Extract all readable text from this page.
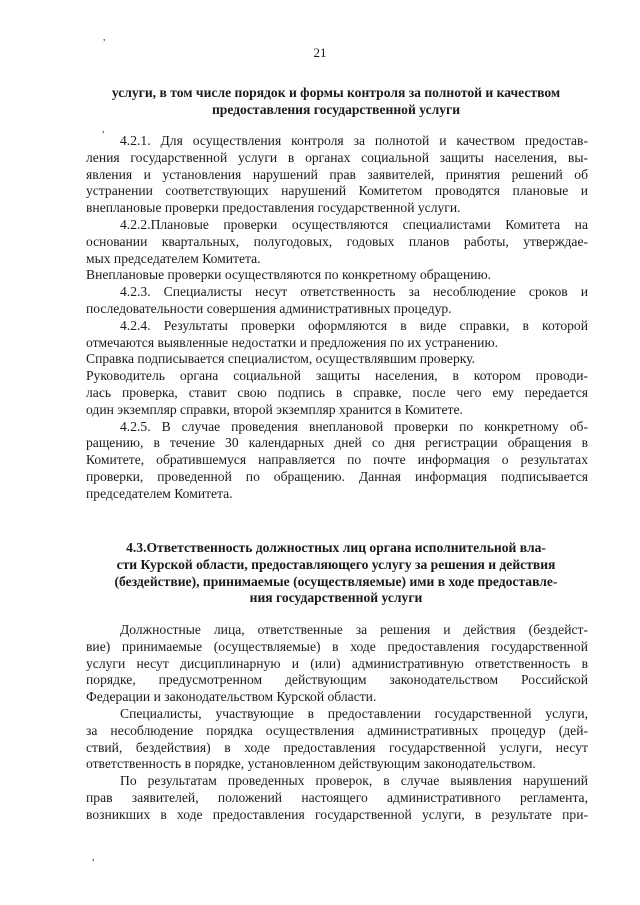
,
,
,
21
услуги, в том числе порядок и формы контроля за полнотой и качеством
предоставления государственной услуги
4.2.1. Для осуществления контроля за полнотой и качеством предостав-
ления государственной услуги в органах социальной защиты населения, вы-
явления и установления нарушений прав заявителей, принятия решений об
устранении соответствующих нарушений Комитетом проводятся плановые и
внеплановые проверки предоставления государственной услуги.
4.2.2.Плановые проверки осуществляются специалистами Комитета на
основании квартальных, полугодовых, годовых планов работы, утверждае-
мых председателем Комитета.
Внеплановые проверки осуществляются по конкретному обращению.
4.2.3. Специалисты несут ответственность за несоблюдение сроков и
последовательности совершения административных процедур.
4.2.4. Результаты проверки оформляются в виде справки, в которой
отмечаются выявленные недостатки и предложения по их устранению.
Справка подписывается специалистом, осуществлявшим проверку.
Руководитель органа социальной защиты населения, в котором проводи-
лась проверка, ставит свою подпись в справке, после чего ему передается
один экземпляр справки, второй экземпляр хранится в Комитете.
4.2.5. В случае проведения внеплановой проверки по конкретному об-
ращению, в течение 30 календарных дней со дня регистрации обращения в
Комитете, обратившемуся направляется по почте информация о результатах
проверки, проведенной по обращению. Данная информация подписывается
председателем Комитета.
4.3.Ответственность должностных лиц органа исполнительной вла-
сти Курской области, предоставляющего услугу за решения и действия
(бездействие), принимаемые (осуществляемые) ими в ходе предоставле-
ния государственной услуги
Должностные лица, ответственные за решения и действия (бездейст-
вие) принимаемые (осуществляемые) в ходе предоставления государственной
услуги несут дисциплинарную и (или) административную ответственность в
порядке, предусмотренном действующим законодательством Российской
Федерации и законодательством Курской области.
Специалисты, участвующие в предоставлении государственной услуги,
за несоблюдение порядка осуществления административных процедур (дей-
ствий, бездействия) в ходе предоставления государственной услуги, несут
ответственность в порядке, установленном действующим законодательством.
По результатам проведенных проверок, в случае выявления нарушений
прав заявителей, положений настоящего административного регламента,
возникших в ходе предоставления государственной услуги, в результате при-
